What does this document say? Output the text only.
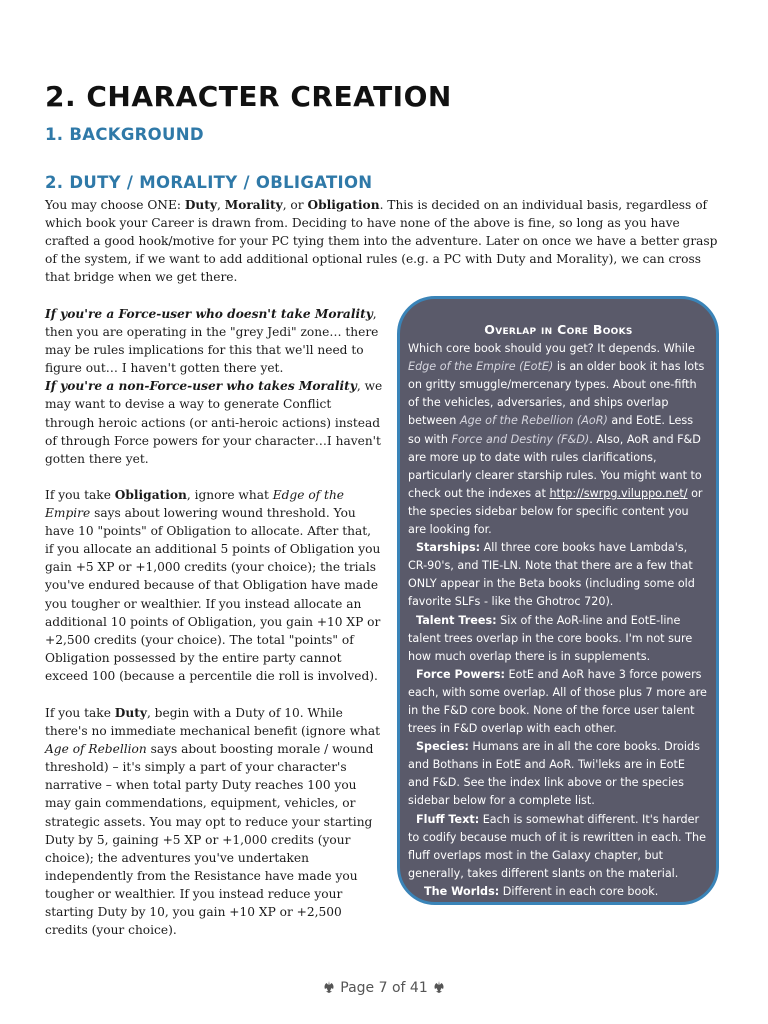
2. CHARACTER CREATION
1. BACKGROUND
2. DUTY / MORALITY / OBLIGATION

You may choose ONE: Duty, Morality, or Obligation. This is decided on an individual basis, regardless of which book your Career is drawn from. Deciding to have none of the above is fine, so long as you have crafted a good hook/motive for your PC tying them into the adventure. Later on once we have a better grasp of the system, if we want to add additional optional rules (e.g. a PC with Duty and Morality), we can cross that bridge when we get there.

If you're a Force-user who doesn't take Morality, then you are operating in the "grey Jedi" zone… there may be rules implications for this that we'll need to figure out… I haven't gotten there yet.
If you're a non-Force-user who takes Morality, we may want to devise a way to generate Conflict through heroic actions (or anti-heroic actions) instead of through Force powers for your character…I haven't gotten there yet.

If you take Obligation, ignore what Edge of the Empire says about lowering wound threshold. You have 10 "points" of Obligation to allocate. After that, if you allocate an additional 5 points of Obligation you gain +5 XP or +1,000 credits (your choice); the trials you've endured because of that Obligation have made you tougher or wealthier. If you instead allocate an additional 10 points of Obligation, you gain +10 XP or +2,500 credits (your choice). The total "points" of Obligation possessed by the entire party cannot exceed 100 (because a percentile die roll is involved).

If you take Duty, begin with a Duty of 10. While there's no immediate mechanical benefit (ignore what Age of Rebellion says about boosting morale / wound threshold) – it's simply a part of your character's narrative – when total party Duty reaches 100 you may gain commendations, equipment, vehicles, or strategic assets. You may opt to reduce your starting Duty by 5, gaining +5 XP or +1,000 credits (your choice); the adventures you've undertaken independently from the Resistance have made you tougher or wealthier. If you instead reduce your starting Duty by 10, you gain +10 XP or +2,500 credits (your choice).

Overlap in Core Books

Which core book should you get? It depends. While Edge of the Empire (EotE) is an older book it has lots on gritty smuggle/mercenary types. About one-fifth of the vehicles, adversaries, and ships overlap between Age of the Rebellion (AoR) and EotE. Less so with Force and Destiny (F&D). Also, AoR and F&D are more up to date with rules clarifications, particularly clearer starship rules. You might want to check out the indexes at http://swrpg.viluppo.net/ or the species sidebar below for specific content you are looking for.

Starships: All three core books have Lambda's, CR-90's, and TIE-LN. Note that there are a few that ONLY appear in the Beta books (including some old favorite SLFs - like the Ghotroc 720).

Talent Trees: Six of the AoR-line and EotE-line talent trees overlap in the core books. I'm not sure how much overlap there is in supplements.

Force Powers: EotE and AoR have 3 force powers each, with some overlap. All of those plus 7 more are in the F&D core book. None of the force user talent trees in F&D overlap with each other.

Species: Humans are in all the core books. Droids and Bothans in EotE and AoR. Twi'leks are in EotE and F&D. See the index link above or the species sidebar below for a complete list.

Fluff Text: Each is somewhat different. It's harder to codify because much of it is rewritten in each. The fluff overlaps most in the Galaxy chapter, but generally, takes different slants on the material.

The Worlds: Different in each core book.

Page 7 of 41
